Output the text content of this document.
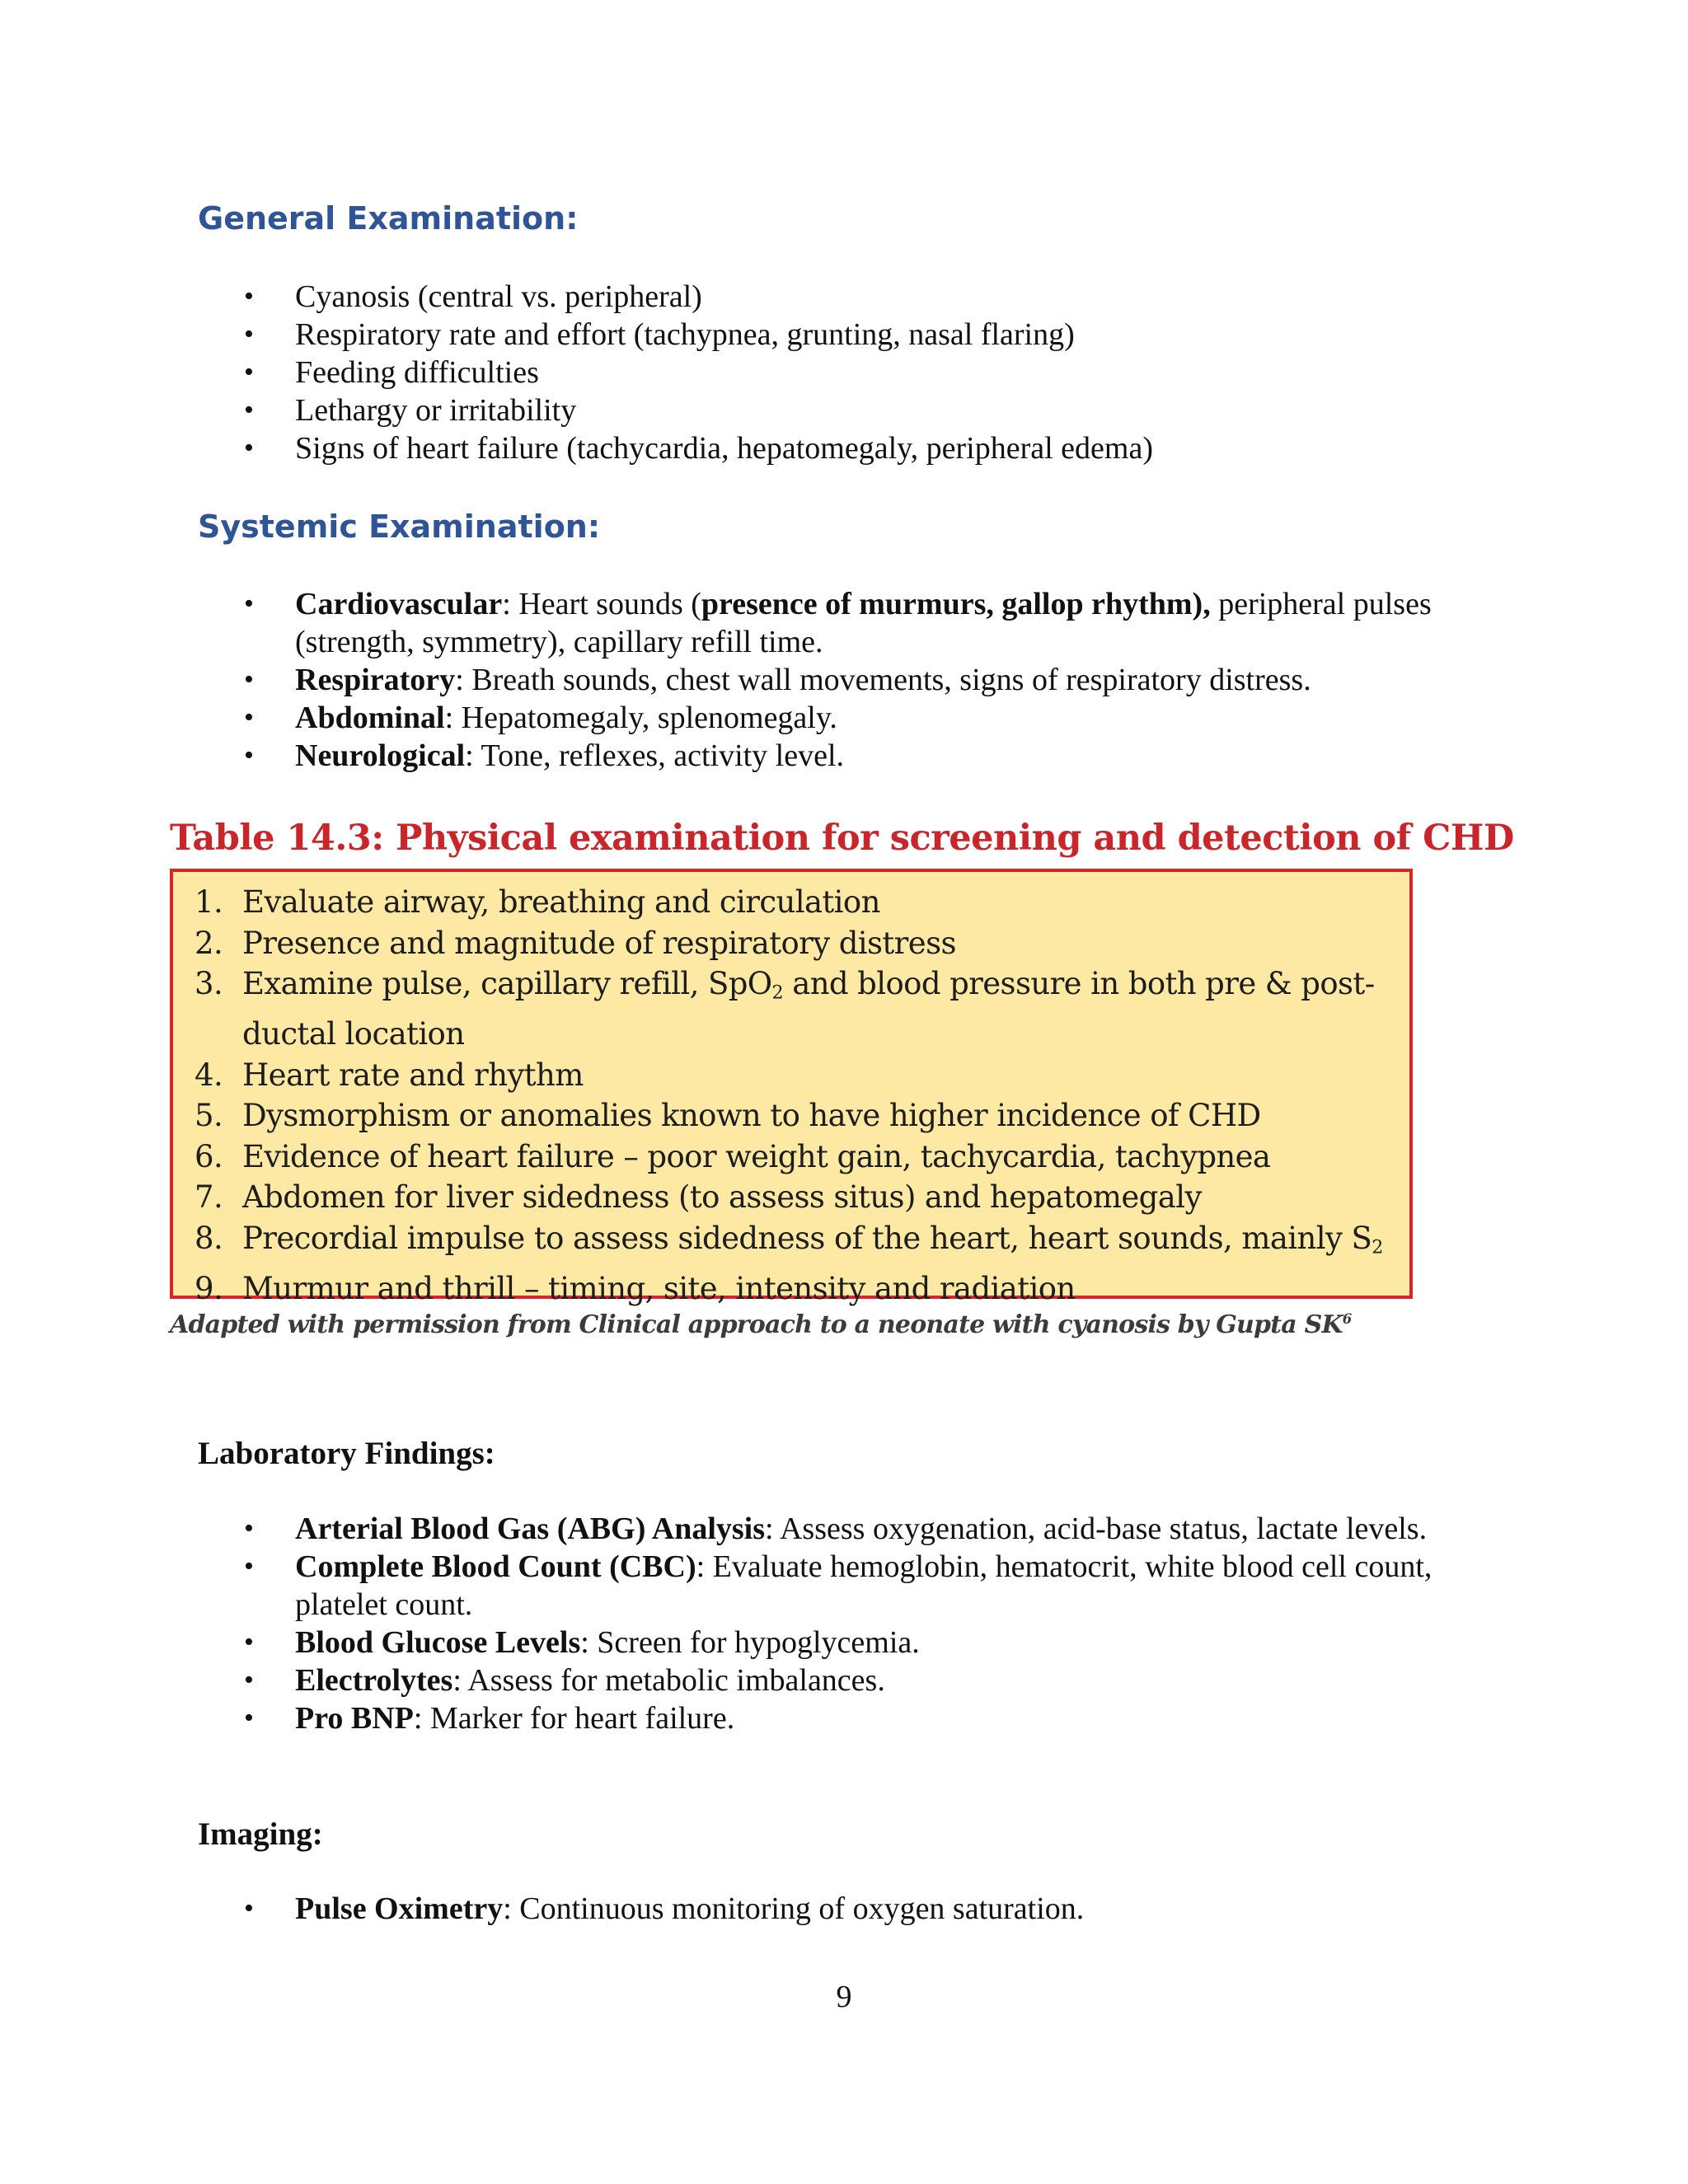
General Examination:
• Cyanosis (central vs. peripheral)
• Respiratory rate and effort (tachypnea, grunting, nasal flaring)
• Feeding difficulties
• Lethargy or irritability
• Signs of heart failure (tachycardia, hepatomegaly, peripheral edema)
Systemic Examination:
• Cardiovascular: Heart sounds (presence of murmurs, gallop rhythm), peripheral pulses (strength, symmetry), capillary refill time.
• Respiratory: Breath sounds, chest wall movements, signs of respiratory distress.
• Abdominal: Hepatomegaly, splenomegaly.
• Neurological: Tone, reflexes, activity level.
Table 14.3: Physical examination for screening and detection of CHD
1. Evaluate airway, breathing and circulation
2. Presence and magnitude of respiratory distress
3. Examine pulse, capillary refill, SpO$_2$ and blood pressure in both pre & post-
ductal location
4. Heart rate and rhythm
5. Dysmorphism or anomalies known to have higher incidence of CHD
6. Evidence of heart failure – poor weight gain, tachycardia, tachypnea
7. Abdomen for liver sidedness (to assess situs) and hepatomegaly
8. Precordial impulse to assess sidedness of the heart, heart sounds, mainly $S_2$
9. Murmur and thrill – timing, site, intensity and radiation
Adapted with permission from Clinical approach to a neonate with cyanosis by Gupta $SK^6$
Laboratory Findings:
• Arterial Blood Gas (ABG) Analysis: Assess oxygenation, acid-base status, lactate levels.
• Complete Blood Count (CBC): Evaluate hemoglobin, hematocrit, white blood cell count, platelet count.
• Blood Glucose Levels: Screen for hypoglycemia.
• Electrolytes: Assess for metabolic imbalances.
• Pro BNP: Marker for heart failure.
Imaging:
• Pulse Oximetry: Continuous monitoring of oxygen saturation.
9
